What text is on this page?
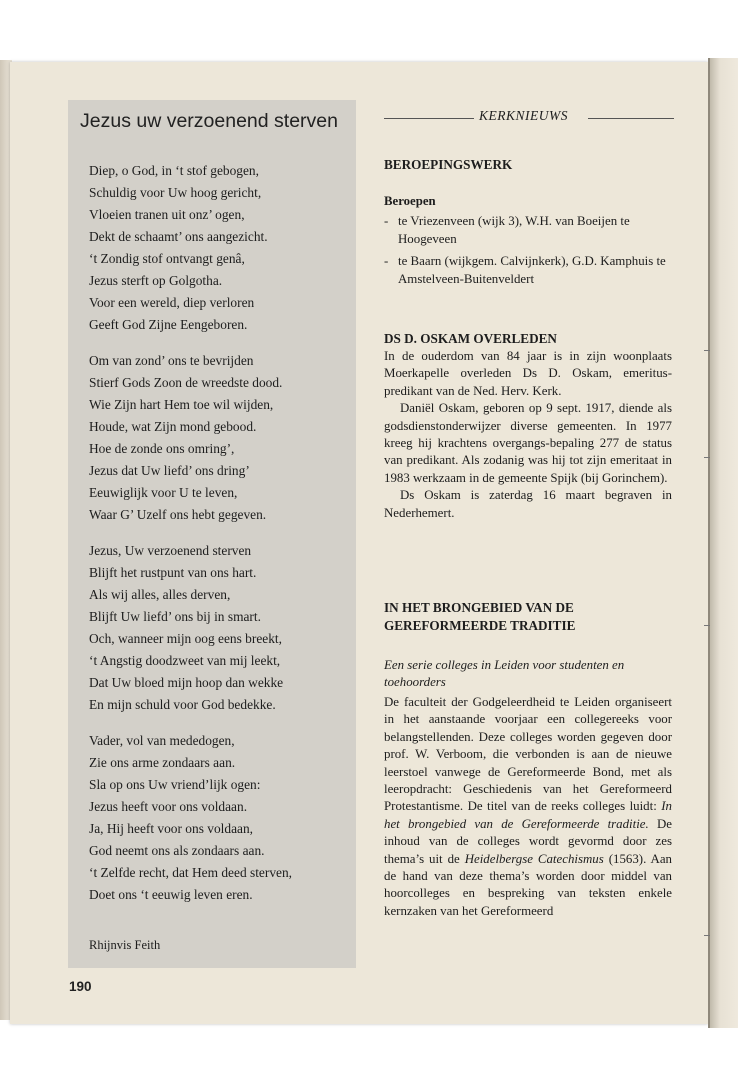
Jezus uw verzoenend sterven
Diep, o God, in ‘t stof gebogen,
Schuldig voor Uw hoog gericht,
Vloeien tranen uit onz’ ogen,
Dekt de schaamt’ ons aangezicht.
‘t Zondig stof ontvangt genâ,
Jezus sterft op Golgotha.
Voor een wereld, diep verloren
Geeft God Zijne Eengeboren.
Om van zond’ ons te bevrijden
Stierf Gods Zoon de wreedste dood.
Wie Zijn hart Hem toe wil wijden,
Houde, wat Zijn mond gebood.
Hoe de zonde ons omring’,
Jezus dat Uw liefd’ ons dring’
Eeuwiglijk voor U te leven,
Waar G’ Uzelf ons hebt gegeven.
Jezus, Uw verzoenend sterven
Blijft het rustpunt van ons hart.
Als wij alles, alles derven,
Blijft Uw liefd’ ons bij in smart.
Och, wanneer mijn oog eens breekt,
‘t Angstig doodzweet van mij leekt,
Dat Uw bloed mijn hoop dan wekke
En mijn schuld voor God bedekke.
Vader, vol van mededogen,
Zie ons arme zondaars aan.
Sla op ons Uw vriend’lijk ogen:
Jezus heeft voor ons voldaan.
Ja, Hij heeft voor ons voldaan,
God neemt ons als zondaars aan.
‘t Zelfde recht, dat Hem deed sterven,
Doet ons ‘t eeuwig leven eren.
Rhijnvis Feith
190
KERKNIEUWS
BEROEPINGSWERK
Beroepen
- te Vriezenveen (wijk 3), W.H. van Boeijen te Hoogeveen
- te Baarn (wijkgem. Calvijnkerk), G.D. Kamphuis te Amstelveen-Buitenveldert
DS D. OSKAM OVERLEDEN

In de ouderdom van 84 jaar is in zijn woonplaats Moerkapelle overleden Ds D. Oskam, emeritus-predikant van de Ned. Herv. Kerk.

Daniël Oskam, geboren op 9 sept. 1917, diende als godsdienstonderwijzer diverse gemeenten. In 1977 kreeg hij krachtens overgangs-bepaling 277 de status van predikant. Als zodanig was hij tot zijn emeritaat in 1983 werkzaam in de gemeente Spijk (bij Gorinchem).

Ds Oskam is zaterdag 16 maart begraven in Nederhemert.

IN HET BRONGEBIED VAN DE
GEREFORMEERDE TRADITIE
Een serie colleges in Leiden voor studenten en toehoorders

De faculteit der Godgeleerdheid te Leiden organiseert in het aanstaande voorjaar een collegereeks voor belangstellenden. Deze colleges worden gegeven door prof. W. Verboom, die verbonden is aan de nieuwe leerstoel vanwege de Gereformeerde Bond, met als leeropdracht: Geschiedenis van het Gereformeerd Protestantisme. De titel van de reeks colleges luidt: In het brongebied van de Gereformeerde traditie. De inhoud van de colleges wordt gevormd door zes thema’s uit de Heidelbergse Catechismus (1563). Aan de hand van deze thema’s worden door middel van hoorcolleges en bespreking van teksten enkele kernzaken van het Gereformeerd
